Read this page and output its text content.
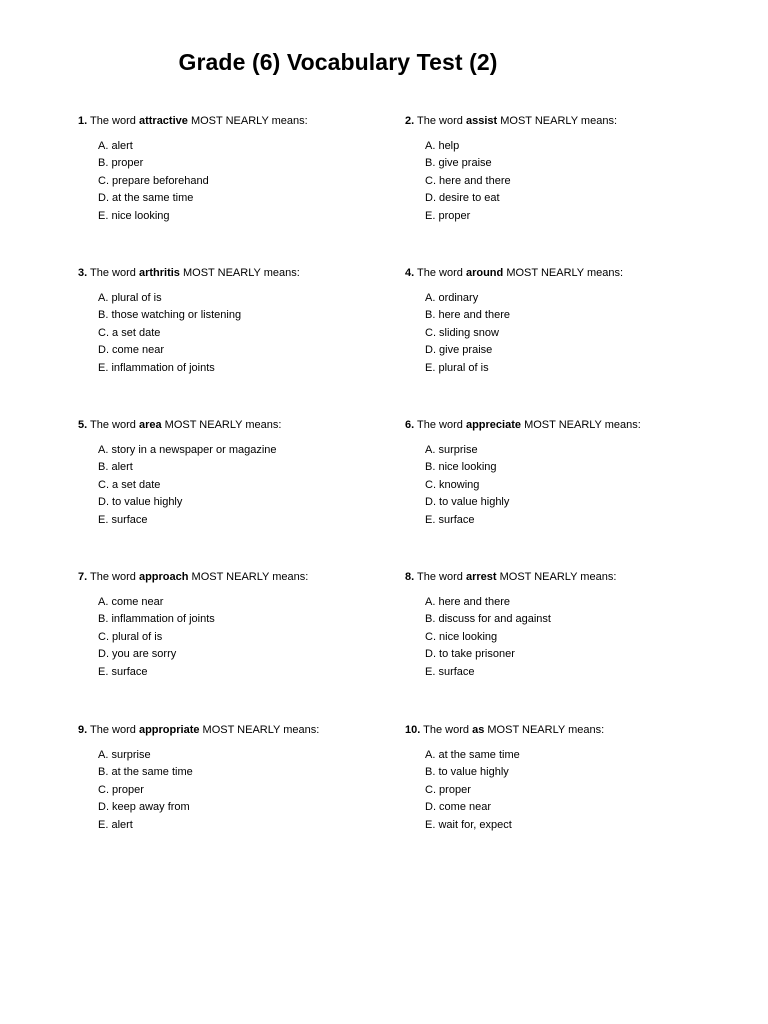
Grade (6) Vocabulary Test (2)

1. The word attractive MOST NEARLY means:

A. alert
B. proper
C. prepare beforehand
D. at the same time
E. nice looking

2. The word assist MOST NEARLY means:

A. help
B. give praise
C. here and there
D. desire to eat
E. proper

3. The word arthritis MOST NEARLY means:

A. plural of is
B. those watching or listening
C. a set date
D. come near
E. inflammation of joints

4. The word around MOST NEARLY means:

A. ordinary
B. here and there
C. sliding snow
D. give praise
E. plural of is

5. The word area MOST NEARLY means:

A. story in a newspaper or magazine
B. alert
C. a set date
D. to value highly
E. surface

6. The word appreciate MOST NEARLY means:

A. surprise
B. nice looking
C. knowing
D. to value highly
E. surface

7. The word approach MOST NEARLY means:

A. come near
B. inflammation of joints
C. plural of is
D. you are sorry
E. surface

8. The word arrest MOST NEARLY means:

A. here and there
B. discuss for and against
C. nice looking
D. to take prisoner
E. surface

9. The word appropriate MOST NEARLY means:

A. surprise
B. at the same time
C. proper
D. keep away from
E. alert

10. The word as MOST NEARLY means:

A. at the same time
B. to value highly
C. proper
D. come near
E. wait for, expect
